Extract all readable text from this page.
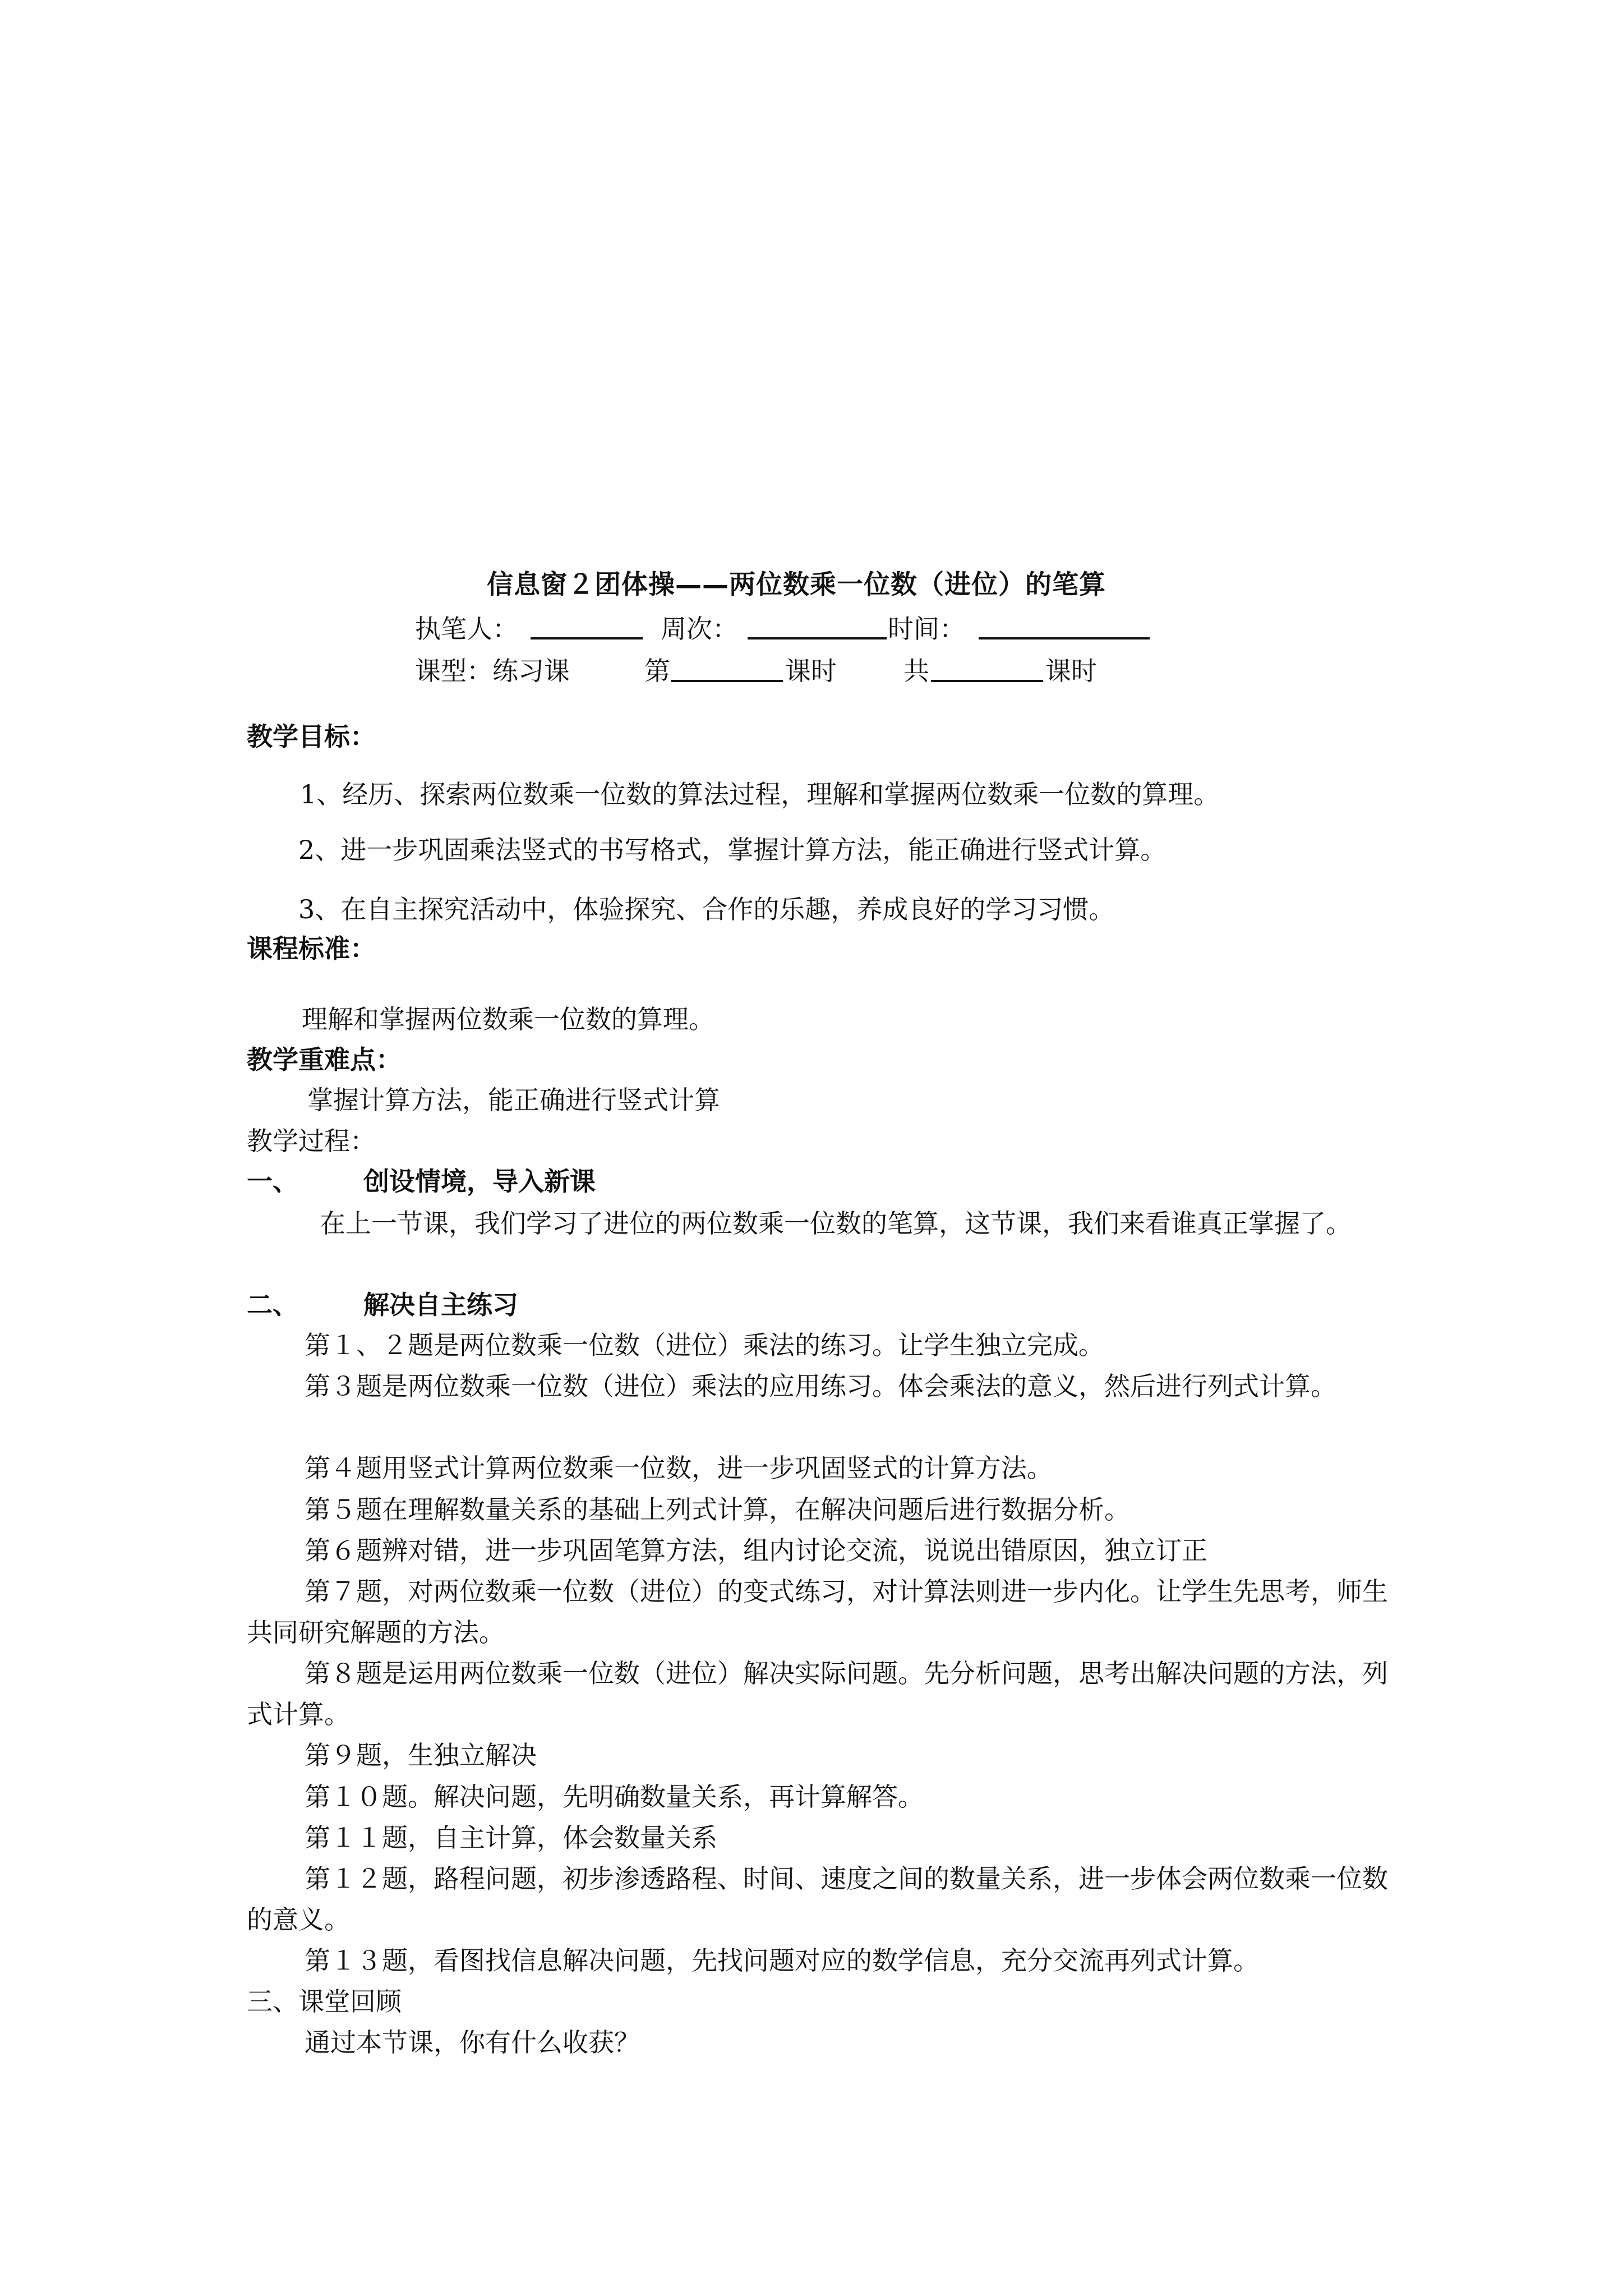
信息窗２团体操——两位数乘一位数（进位）的笔算
执笔人：	周次：	时间：
课型：练习课	第	课时	共	课时
教学目标：
1、经历、探索两位数乘一位数的算法过程，理解和掌握两位数乘一位数的算理。
2、进一步巩固乘法竖式的书写格式，掌握计算方法，能正确进行竖式计算。
3、在自主探究活动中，体验探究、合作的乐趣，养成良好的学习习惯。
课程标准：
理解和掌握两位数乘一位数的算理。
教学重难点：
掌握计算方法，能正确进行竖式计算
教学过程：
一、	创设情境，导入新课
在上一节课，我们学习了进位的两位数乘一位数的笔算，这节课，我们来看谁真正掌握了。
二、	解决自主练习
第１、２题是两位数乘一位数（进位）乘法的练习。让学生独立完成。
第３题是两位数乘一位数（进位）乘法的应用练习。体会乘法的意义，然后进行列式计算。
第４题用竖式计算两位数乘一位数，进一步巩固竖式的计算方法。
第５题在理解数量关系的基础上列式计算，在解决问题后进行数据分析。
第６题辨对错，进一步巩固笔算方法，组内讨论交流，说说出错原因，独立订正
第７题，对两位数乘一位数（进位）的变式练习，对计算法则进一步内化。让学生先思考，师生共同研究解题的方法。
第８题是运用两位数乘一位数（进位）解决实际问题。先分析问题，思考出解决问题的方法，列式计算。
第９题，生独立解决
第１０题。解决问题，先明确数量关系，再计算解答。
第１１题，自主计算，体会数量关系
第１２题，路程问题，初步渗透路程、时间、速度之间的数量关系，进一步体会两位数乘一位数的意义。
第１３题，看图找信息解决问题，先找问题对应的数学信息，充分交流再列式计算。
三、课堂回顾
通过本节课，你有什么收获？
